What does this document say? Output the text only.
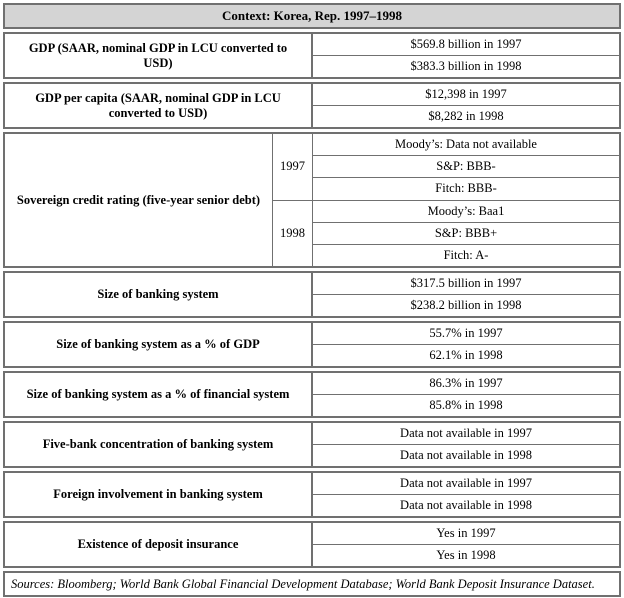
Context: Korea, Rep. 1997–1998
GDP (SAAR, nominal GDP in LCU converted to USD)
$569.8 billion in 1997
$383.3 billion in 1998
GDP per capita (SAAR, nominal GDP in LCU converted to USD)
$12,398 in 1997
$8,282 in 1998
Sovereign credit rating (five-year senior debt)
1997
1998
Moody’s: Data not available
S&P: BBB-
Fitch: BBB-
Moody’s: Baa1
S&P: BBB+
Fitch: A-
Size of banking system
$317.5 billion in 1997
$238.2 billion in 1998
Size of banking system as a % of GDP
55.7% in 1997
62.1% in 1998
Size of banking system as a % of financial system
86.3% in 1997
85.8% in 1998
Five-bank concentration of banking system
Data not available in 1997
Data not available in 1998
Foreign involvement in banking system
Data not available in 1997
Data not available in 1998
Existence of deposit insurance
Yes in 1997
Yes in 1998
Sources: Bloomberg; World Bank Global Financial Development Database; World Bank Deposit Insurance Dataset.
